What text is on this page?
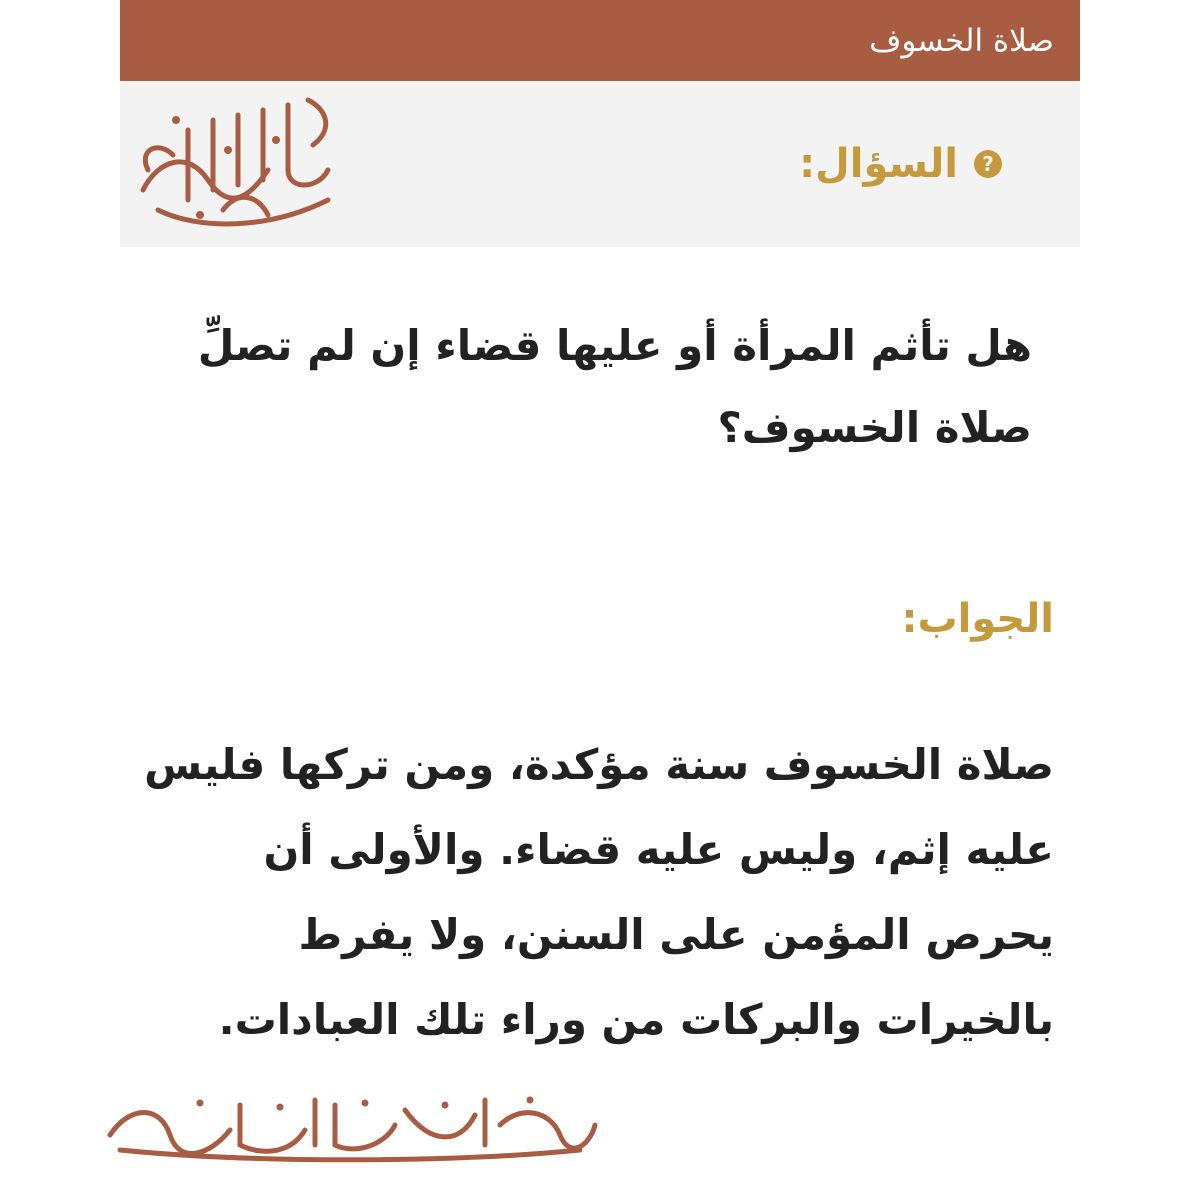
صلاة الخسوف
?
السؤال:

هل تأثم المرأة أو عليها قضاء إن لم تصلِّ صلاة الخسوف؟

الجواب:

صلاة الخسوف سنة مؤكدة، ومن تركها فليس عليه إثم، وليس عليه قضاء. والأولى أن يحرص المؤمن على السنن، ولا يفرط بالخيرات والبركات من وراء تلك العبادات.
